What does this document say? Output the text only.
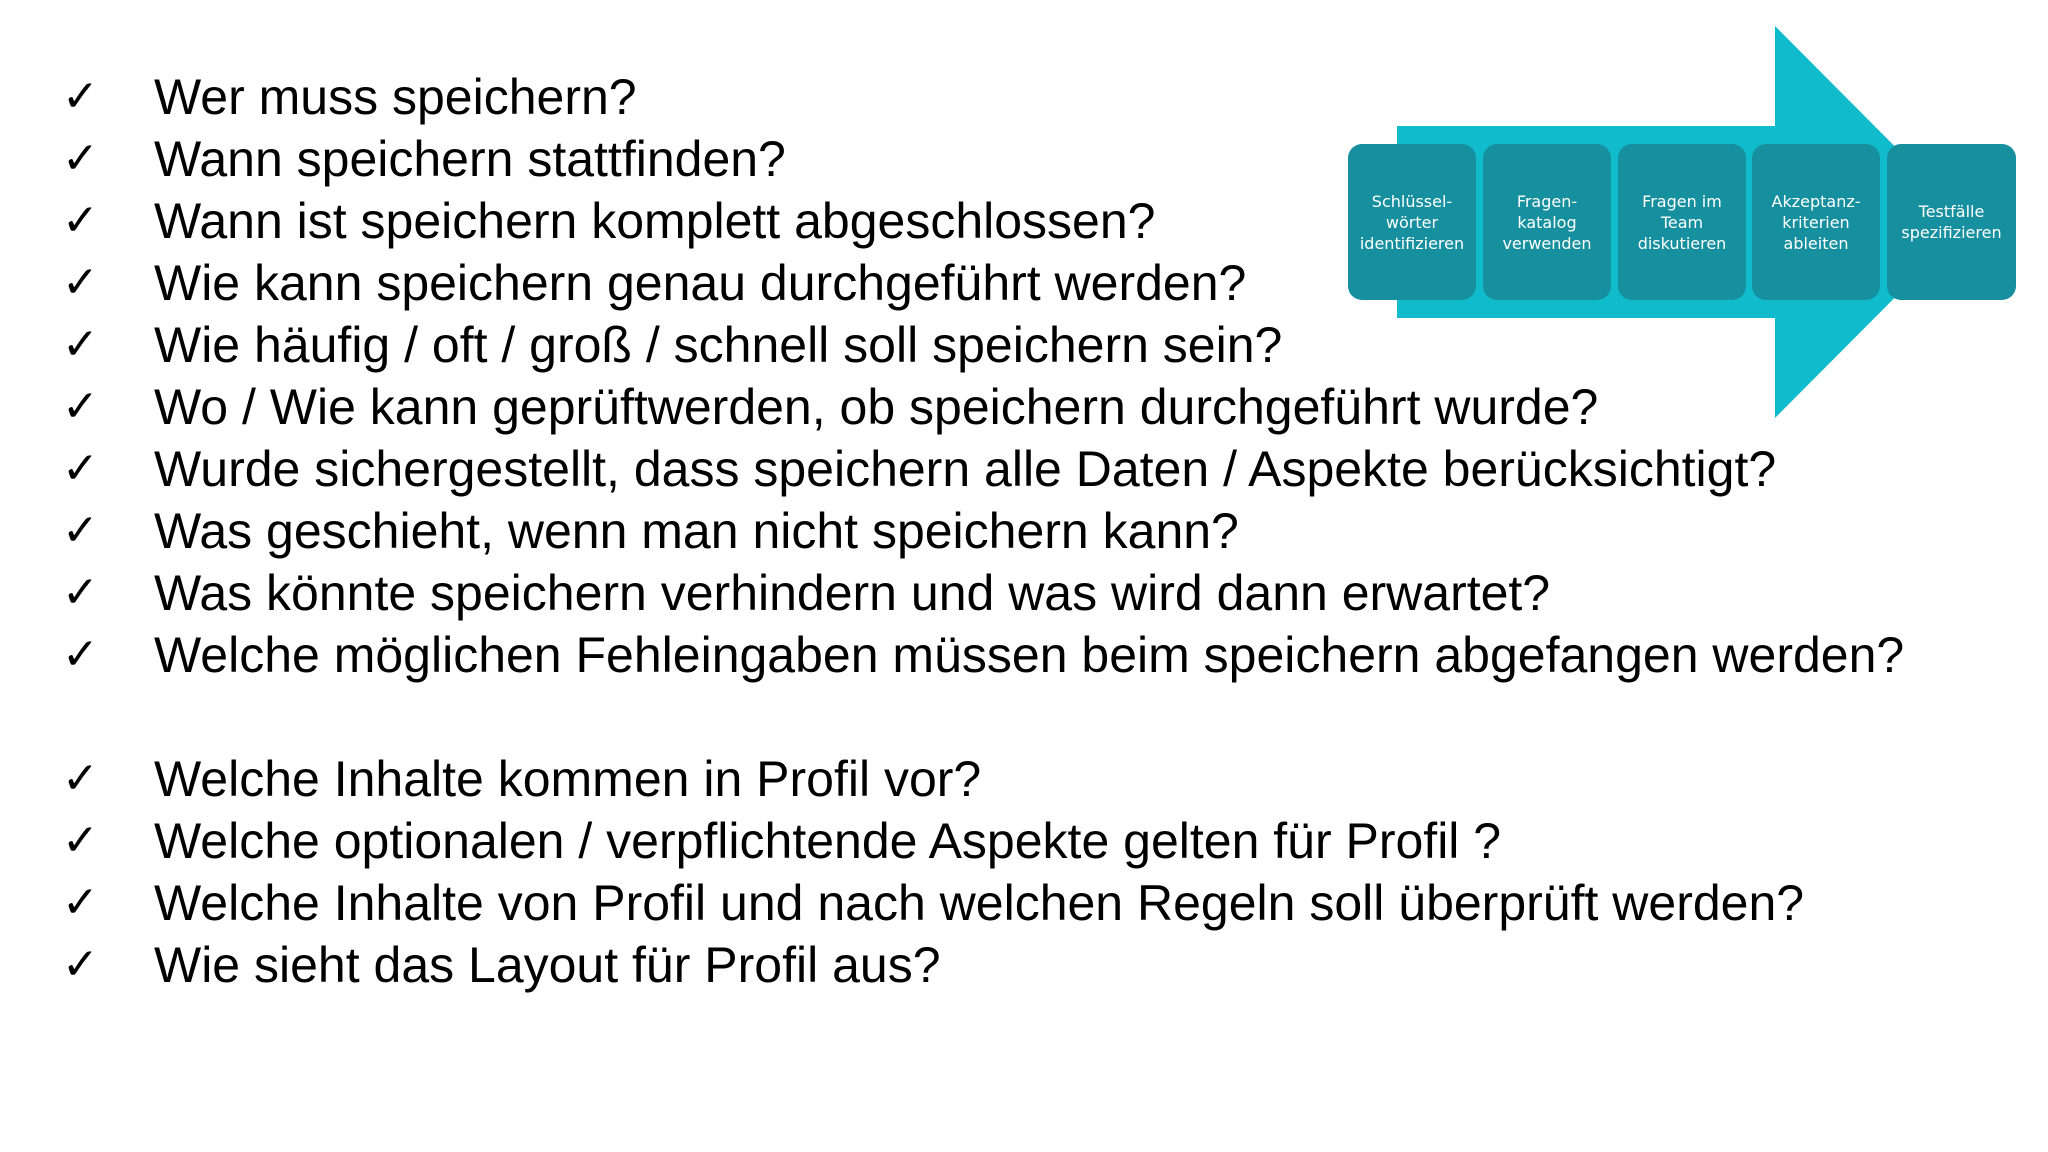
✓ Wer muss speichern?
✓ Wann speichern stattfinden?
✓ Wann ist speichern komplett abgeschlossen?
✓ Wie kann speichern genau durchgeführt werden?
✓ Wie häufig / oft / groß / schnell soll speichern sein?
✓ Wo / Wie kann geprüftwerden, ob speichern durchgeführt wurde?
✓ Wurde sichergestellt, dass speichern alle Daten / Aspekte berücksichtigt?
✓ Was geschieht, wenn man nicht speichern kann?
✓ Was könnte speichern verhindern und was wird dann erwartet?
✓ Welche möglichen Fehleingaben müssen beim speichern abgefangen werden?
✓ Welche Inhalte kommen in Profil vor?
✓ Welche optionalen / verpflichtende Aspekte gelten für Profil ?
✓ Welche Inhalte von Profil und nach welchen Regeln soll überprüft werden?
✓ Wie sieht das Layout für Profil aus?
Schlüssel-
wörter
identifizieren
Fragen-
katalog
verwenden
Fragen im
Team
diskutieren
Akzeptanz-
kriterien
ableiten
Testfälle
spezifizieren
